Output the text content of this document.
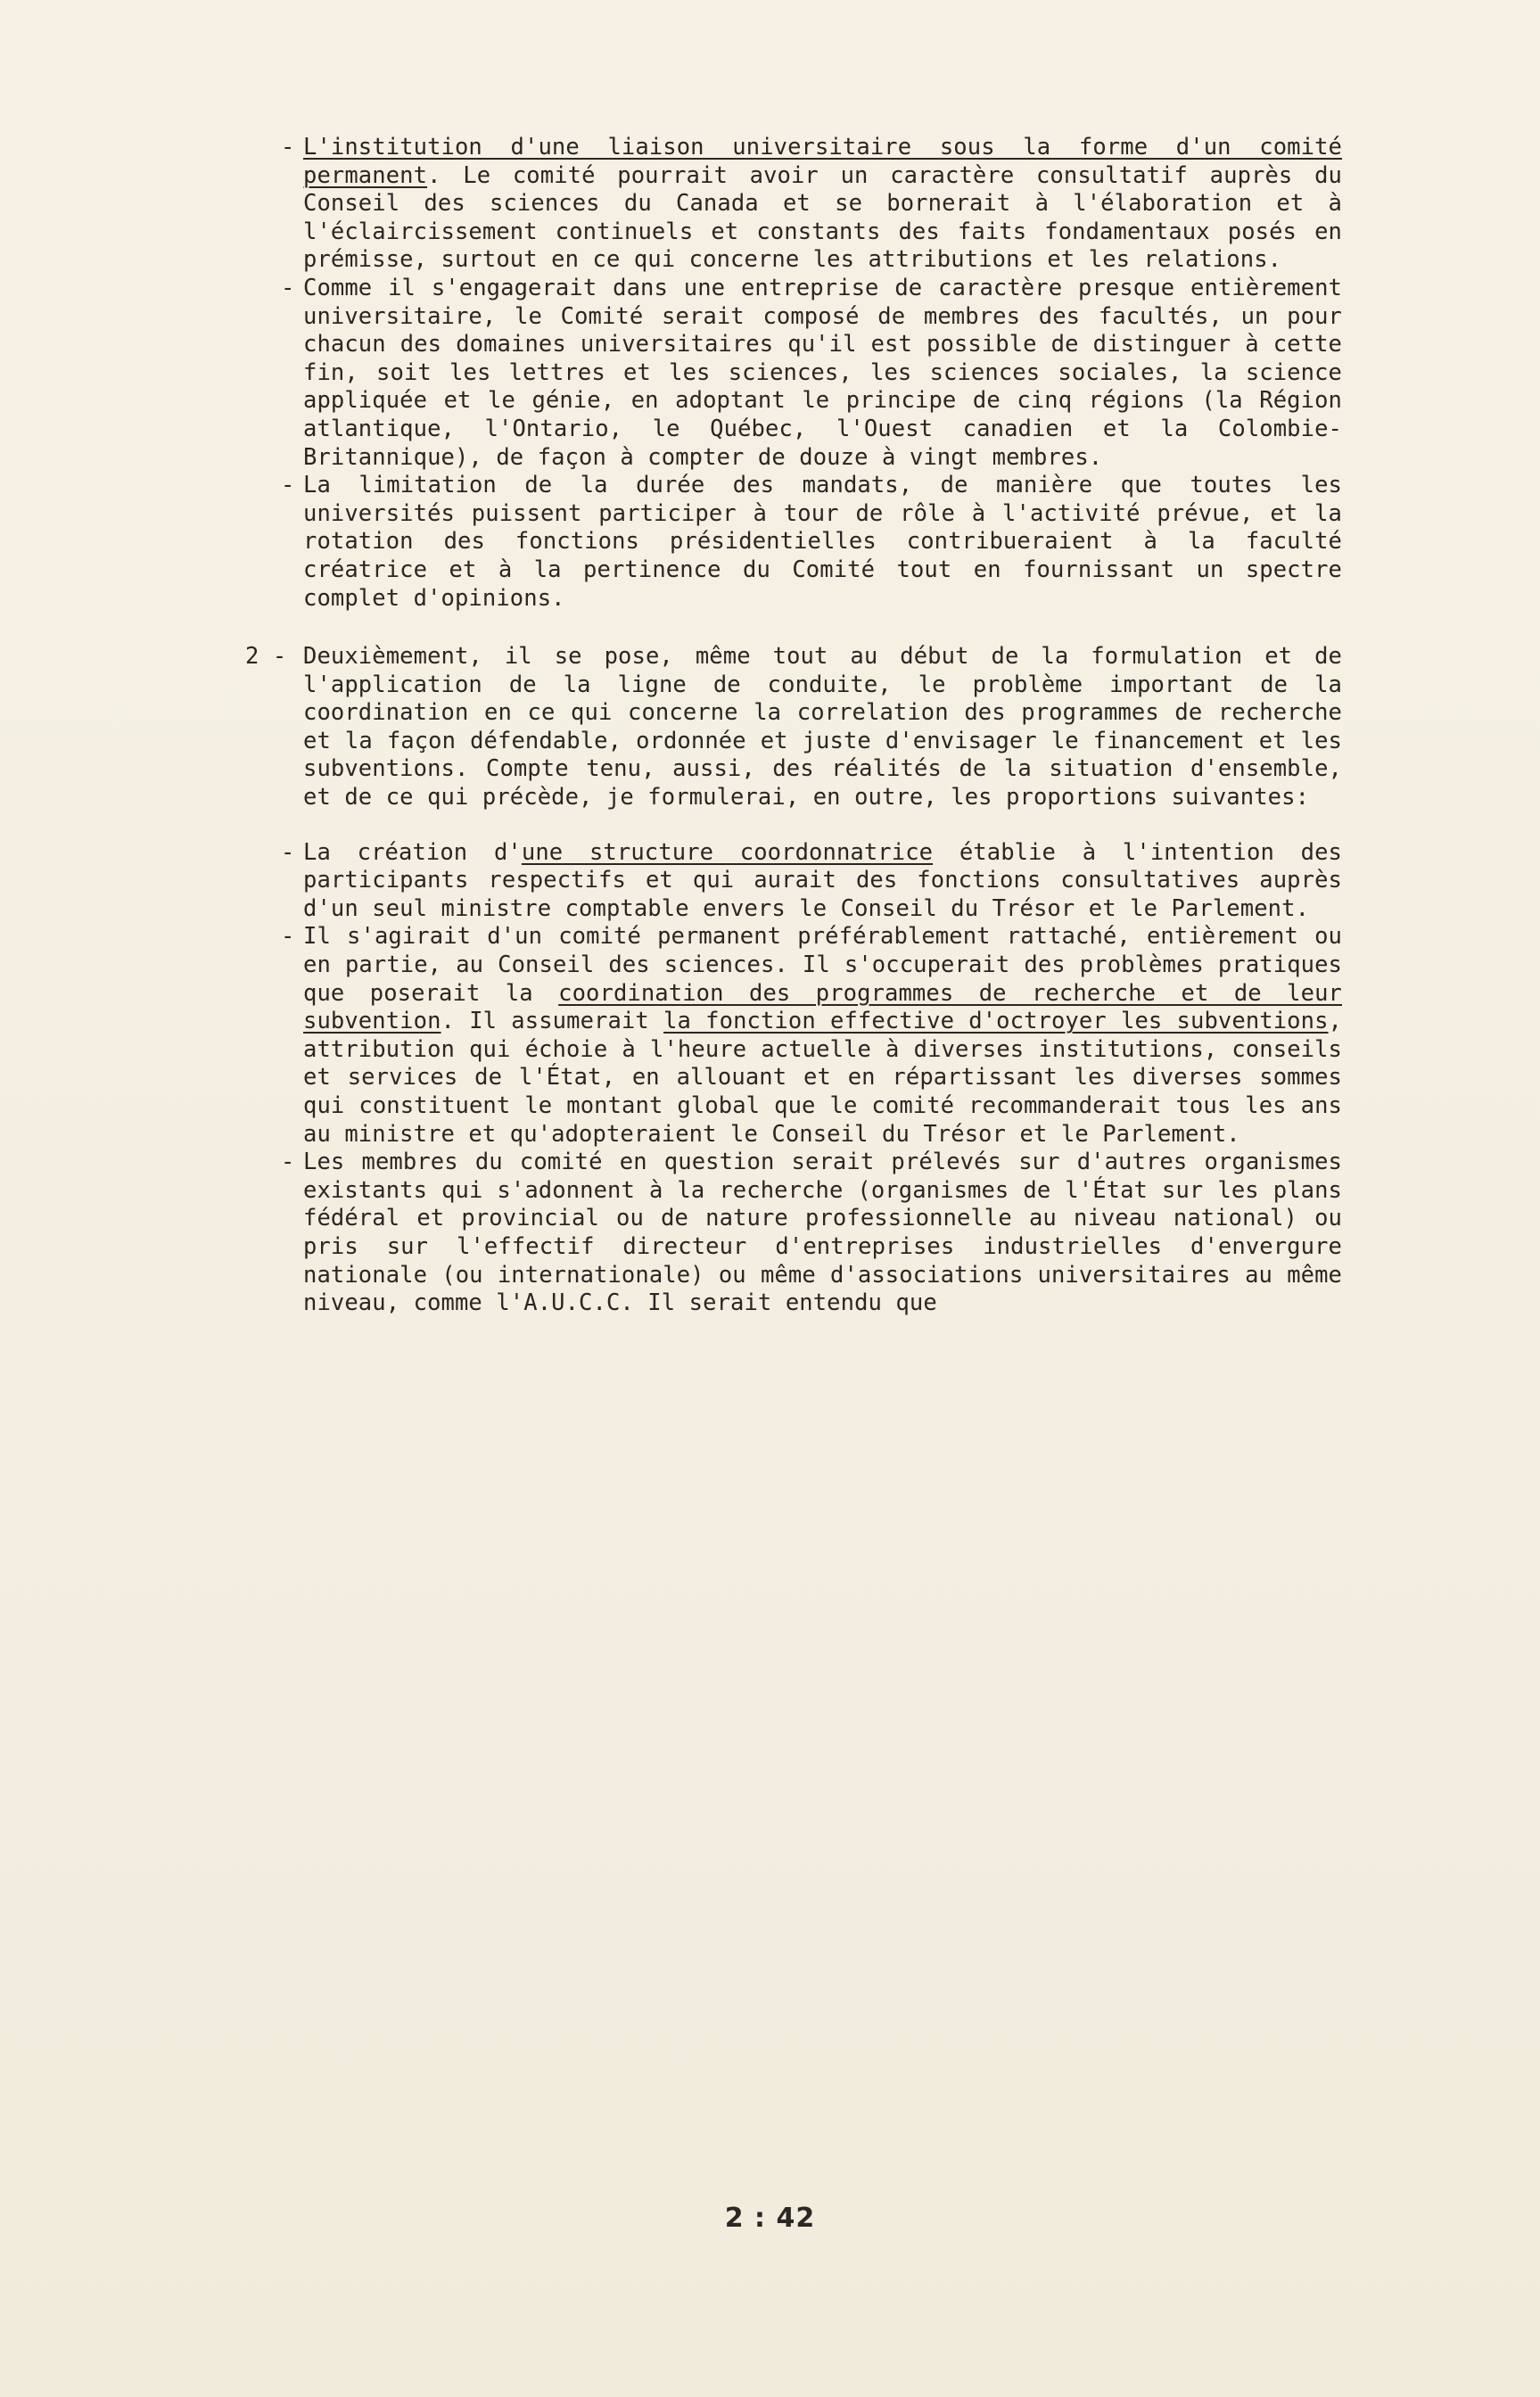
- L'institution d'une liaison universitaire sous la forme d'un comité permanent. Le comité pourrait avoir un caractère consultatif auprès du Conseil des sciences du Canada et se bornerait à l'élaboration et à l'éclaircissement continuels et constants des faits fondamentaux posés en prémisse, surtout en ce qui concerne les attributions et les relations.

- Comme il s'engagerait dans une entreprise de caractère presque entièrement universitaire, le Comité serait composé de membres des facultés, un pour chacun des domaines universitaires qu'il est possible de distinguer à cette fin, soit les lettres et les sciences, les sciences sociales, la science appliquée et le génie, en adoptant le principe de cinq régions (la Région atlantique, l'Ontario, le Québec, l'Ouest canadien et la Colombie-Britannique), de façon à compter de douze à vingt membres.

- La limitation de la durée des mandats, de manière que toutes les universités puissent participer à tour de rôle à l'activité prévue, et la rotation des fonctions présidentielles contribueraient à la faculté créatrice et à la pertinence du Comité tout en fournissant un spectre complet d'opinions.

2 - Deuxièmement, il se pose, même tout au début de la formulation et de l'application de la ligne de conduite, le problème important de la coordination en ce qui concerne la correlation des programmes de recherche et la façon défendable, ordonnée et juste d'envisager le financement et les subventions. Compte tenu, aussi, des réalités de la situation d'ensemble, et de ce qui précède, je formulerai, en outre, les proportions suivantes:

- La création d'une structure coordonnatrice établie à l'intention des participants respectifs et qui aurait des fonctions consultatives auprès d'un seul ministre comptable envers le Conseil du Trésor et le Parlement.

- Il s'agirait d'un comité permanent préférablement rattaché, entièrement ou en partie, au Conseil des sciences. Il s'occuperait des problèmes pratiques que poserait la coordination des programmes de recherche et de leur subvention. Il assumerait la fonction effective d'octroyer les subventions, attribution qui échoie à l'heure actuelle à diverses institutions, conseils et services de l'État, en allouant et en répartissant les diverses sommes qui constituent le montant global que le comité recommanderait tous les ans au ministre et qu'adopteraient le Conseil du Trésor et le Parlement.

- Les membres du comité en question serait prélevés sur d'autres organismes existants qui s'adonnent à la recherche (organismes de l'État sur les plans fédéral et provincial ou de nature professionnelle au niveau national) ou pris sur l'effectif directeur d'entreprises industrielles d'envergure nationale (ou internationale) ou même d'associations universitaires au même niveau, comme l'A.U.C.C. Il serait entendu que

2 : 42
